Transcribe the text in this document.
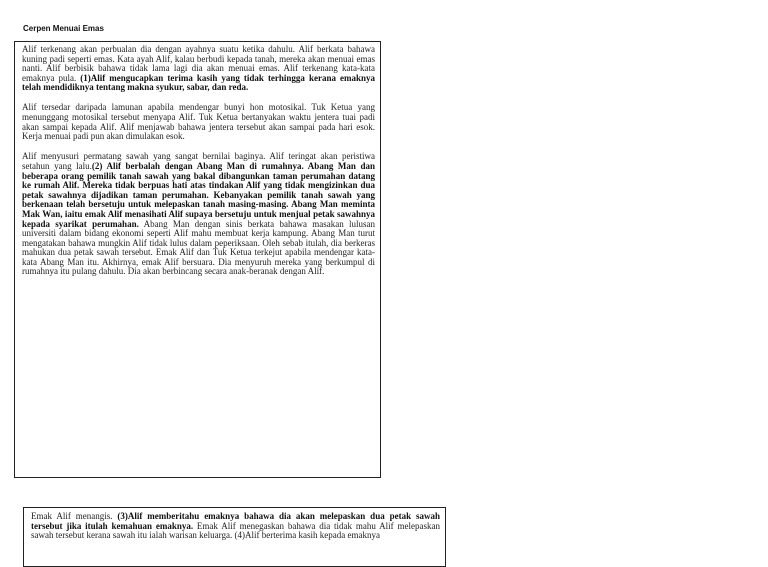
Cerpen Menuai Emas

Alif terkenang akan perbualan dia dengan ayahnya suatu ketika dahulu. Alif berkata bahawa kuning padi seperti emas. Kata ayah Alif, kalau berbudi kepada tanah, mereka akan menuai emas nanti. Alif berbisik bahawa tidak lama lagi dia akan menuai emas. Alif terkenang kata-kata emaknya pula. (1)Alif mengucapkan terima kasih yang tidak terhingga kerana emaknya telah mendidiknya tentang makna syukur, sabar, dan reda.

Alif tersedar daripada lamunan apabila mendengar bunyi hon motosikal. Tuk Ketua yang menunggang motosikal tersebut menyapa Alif. Tuk Ketua bertanyakan waktu jentera tuai padi akan sampai kepada Alif. Alif menjawab bahawa jentera tersebut akan sampai pada hari esok. Kerja menuai padi pun akan dimulakan esok.

Alif menyusuri permatang sawah yang sangat bernilai baginya. Alif teringat akan peristiwa setahun yang lalu.(2) Alif berbalah dengan Abang Man di rumahnya. Abang Man dan beberapa orang pemilik tanah sawah yang bakal dibangunkan taman perumahan datang ke rumah Alif. Mereka tidak berpuas hati atas tindakan Alif yang tidak mengizinkan dua petak sawahnya dijadikan taman perumahan. Kebanyakan pemilik tanah sawah yang berkenaan telah bersetuju untuk melepaskan tanah masing-masing. Abang Man meminta Mak Wan, iaitu emak Alif menasihati Alif supaya bersetuju untuk menjual petak sawahnya kepada syarikat perumahan. Abang Man dengan sinis berkata bahawa masakan lulusan universiti dalam bidang ekonomi seperti Alif mahu membuat kerja kampung. Abang Man turut mengatakan bahawa mungkin Alif tidak lulus dalam peperiksaan. Oleh sebab itulah, dia berkeras mahukan dua petak sawah tersebut. Emak Alif dan Tuk Ketua terkejut apabila mendengar kata-kata Abang Man itu. Akhirnya, emak Alif bersuara. Dia menyuruh mereka yang berkumpul di rumahnya itu pulang dahulu. Dia akan berbincang secara anak-beranak dengan Alif.

Emak Alif menangis. (3)Alif memberitahu emaknya bahawa dia akan melepaskan dua petak sawah tersebut jika itulah kemahuan emaknya. Emak Alif menegaskan bahawa dia tidak mahu Alif melepaskan sawah tersebut kerana sawah itu ialah warisan keluarga. (4)Alif berterima kasih kepada emaknya
